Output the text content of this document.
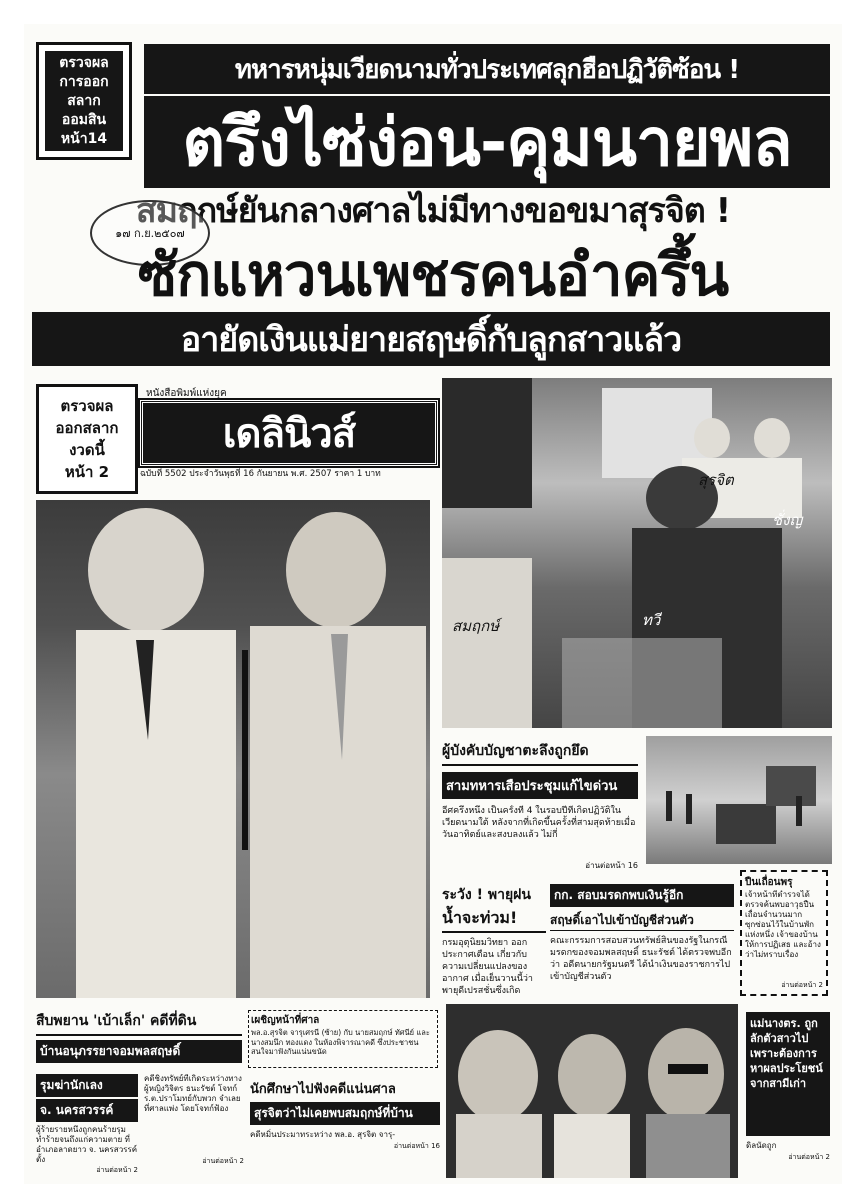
ตรวจผล
การออก
สลาก
ออมสิน
หน้า14
ทหารหนุ่มเวียดนามทั่วประเทศลุกฮือปฏิวัติซ้อน !
ตรึงไซ่ง่อน-คุมนายพล
สมฤกษ์ยันกลางศาลไม่มีทางขอขมาสุรจิต !
๑๗ ก.ย.๒๕๐๗
ซักแหวนเพชรคนอำครึ้น
อายัดเงินแม่ยายสฤษดิ์กับลูกสาวแล้ว
ตรวจผล
ออกสลาก
งวดนี้
หน้า 2
หนังสือพิมพ์แห่งยุค
เดลินิวส์
ฉบับที่ 5502 ประจำวันพุธที่ 16 กันยายน พ.ศ. 2507 ราคา 1 บาท	สุรจิต
ชั่งญ
สมฤกษ์	ทวี
ผู้บังคับบัญชาตะลึงถูกยึด
สามทหารเสือประชุมแก้ไขด่วน
อีศครึ่งหนึ่ง เป็นครั้งที่ 4 ในรอบปีที่เกิดปฏิวัติในเวียดนามใต้ หลังจากที่เกิดขึ้นครั้งที่สามสุดท้ายเมื่อวันอาทิตย์และสงบลงแล้ว ไม่กี่
อ่านต่อหน้า 16
ระวัง ! พายุฝน
น้ำจะท่วม!
กรมอุตุนิยมวิทยา ออกประกาศเตือน เกี่ยวกับความเปลี่ยนแปลงของอากาศ เมื่อเย็นวานนี้ว่า พายุดีเปรสชั่นซึ่งเกิด
กก. สอบมรดกพบเงินรู้อีก
สฤษดิ์เอาไปเข้าบัญชีส่วนตัว
คณะกรรมการสอบสวนทรัพย์สินของรัฐในกรณีมรดกของจอมพลสฤษดิ์ ธนะรัชต์ ได้ตรวจพบอีกว่า อดีตนายกรัฐมนตรี ได้นำเงินของราชการไปเข้าบัญชีส่วนตัว
ปืนเถื่อนพรุ
เจ้าหน้าที่ตำรวจได้ตรวจค้นพบอาวุธปืนเถื่อนจำนวนมาก ซุกซ่อนไว้ในบ้านพักแห่งหนึ่ง เจ้าของบ้านให้การปฏิเสธ และอ้างว่าไม่ทราบเรื่อง
อ่านต่อหน้า 2
สืบพยาน 'เบ้าเล็ก' คดีที่ดิน
บ้านอนุภรรยาจอมพลสฤษดิ์
เผชิญหน้าที่ศาล
พล.อ.สุรจิต จารุเศรนี (ซ้าย) กับ นายสมฤกษ์ ทัศนีย์ และ นางสมนึก ทองแดง ในห้องพิจารณาคดี ซึ่งประชาชนสนใจมาฟังกันแน่นขนัด
รุมฆ่านักเลง
จ. นครสวรรค์
ผู้ร้ายรายหนึ่งถูกคนร้ายรุมทำร้ายจนถึงแก่ความตาย ที่อำเภอลาดยาว จ. นครสวรรค์ ตั้ง
อ่านต่อหน้า 2
คดีชิงทรัพย์ที่เกิดระหว่างทางผู้หญิงวิจิตร ธนะรัชต์ โจทก์ ร.ต.ปราโมทย์กับพวก จำเลย ที่ศาลแพ่ง โดยโจทก์ฟ้อง
อ่านต่อหน้า 2
นักศึกษาไปฟังคดีแน่นศาล
สุรจิตว่าไม่เคยพบสมฤกษ์ที่บ้าน
คดีหมิ่นประมาทระหว่าง พล.อ. สุรจิต จารุ-
อ่านต่อหน้า 16
แม่นางตร. ถูกลักตัวสาวไปเพราะต้องการหาผลประโยชน์จากสามีเก่า
ดิลนัดถูก
อ่านต่อหน้า 2
